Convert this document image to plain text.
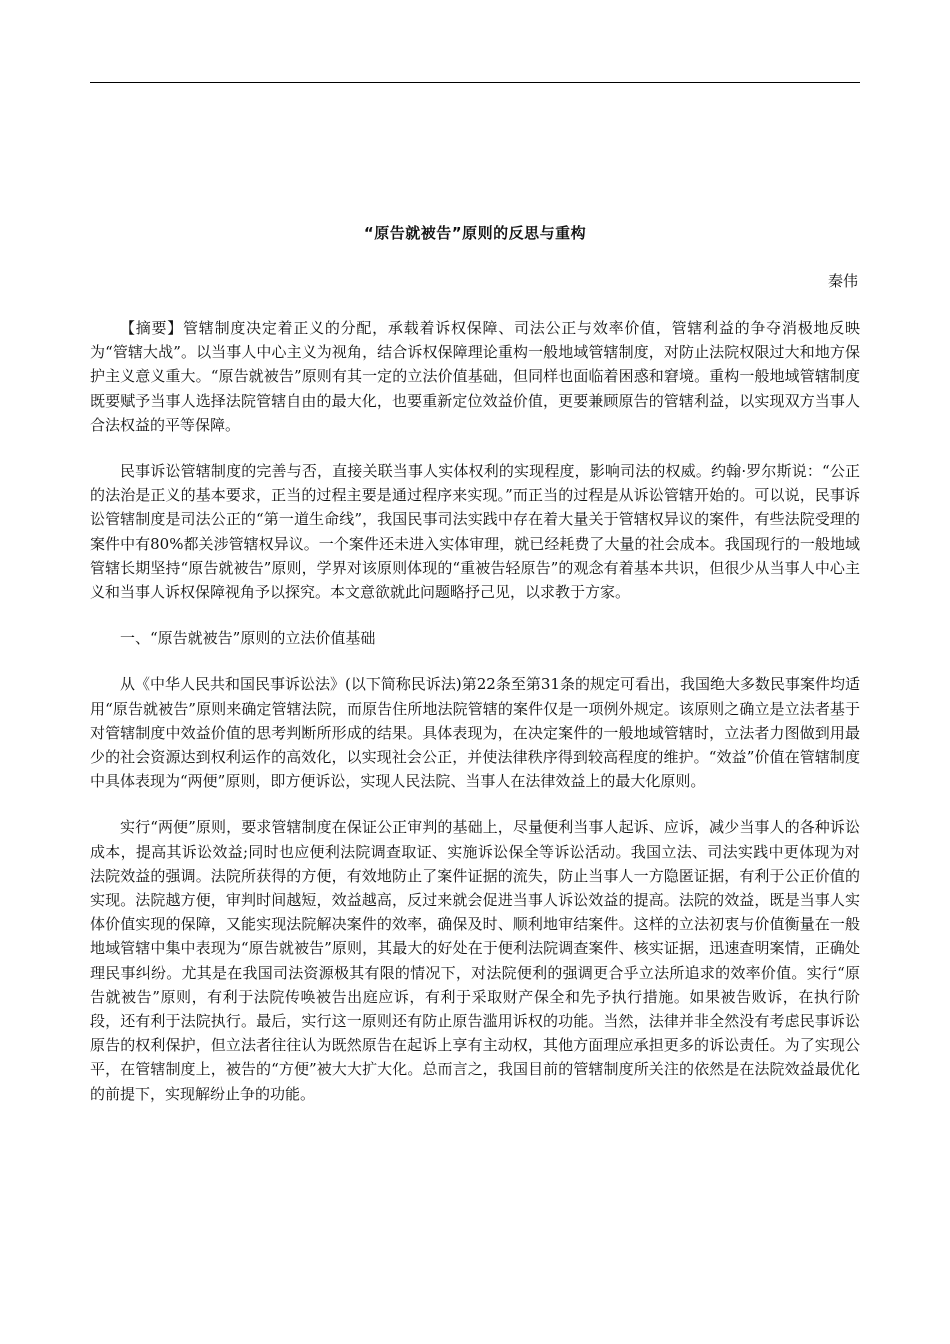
“原告就被告”原则的反思与重构
秦伟

【摘要】管辖制度决定着正义的分配，承载着诉权保障、司法公正与效率价值，管辖利益的争夺消极地反映为“管辖大战”。以当事人中心主义为视角，结合诉权保障理论重构一般地域管辖制度，对防止法院权限过大和地方保护主义意义重大。“原告就被告”原则有其一定的立法价值基础，但同样也面临着困惑和窘境。重构一般地域管辖制度既要赋予当事人选择法院管辖自由的最大化，也要重新定位效益价值，更要兼顾原告的管辖利益，以实现双方当事人合法权益的平等保障。

民事诉讼管辖制度的完善与否，直接关联当事人实体权利的实现程度，影响司法的权威。约翰·罗尔斯说：“公正的法治是正义的基本要求，正当的过程主要是通过程序来实现。”而正当的过程是从诉讼管辖开始的。可以说，民事诉讼管辖制度是司法公正的“第一道生命线”，我国民事司法实践中存在着大量关于管辖权异议的案件，有些法院受理的案件中有80%都关涉管辖权异议。一个案件还未进入实体审理，就已经耗费了大量的社会成本。我国现行的一般地域管辖长期坚持“原告就被告”原则，学界对该原则体现的“重被告轻原告”的观念有着基本共识，但很少从当事人中心主义和当事人诉权保障视角予以探究。本文意欲就此问题略抒己见，以求教于方家。

一、“原告就被告”原则的立法价值基础

从《中华人民共和国民事诉讼法》(以下简称民诉法)第22条至第31条的规定可看出，我国绝大多数民事案件均适用“原告就被告”原则来确定管辖法院，而原告住所地法院管辖的案件仅是一项例外规定。该原则之确立是立法者基于对管辖制度中效益价值的思考判断所形成的结果。具体表现为，在决定案件的一般地域管辖时，立法者力图做到用最少的社会资源达到权利运作的高效化，以实现社会公正，并使法律秩序得到较高程度的维护。“效益”价值在管辖制度中具体表现为“两便”原则，即方便诉讼，实现人民法院、当事人在法律效益上的最大化原则。

实行“两便”原则，要求管辖制度在保证公正审判的基础上，尽量便利当事人起诉、应诉，减少当事人的各种诉讼成本，提高其诉讼效益;同时也应便利法院调查取证、实施诉讼保全等诉讼活动。我国立法、司法实践中更体现为对法院效益的强调。法院所获得的方便，有效地防止了案件证据的流失，防止当事人一方隐匿证据，有利于公正价值的实现。法院越方便，审判时间越短，效益越高，反过来就会促进当事人诉讼效益的提高。法院的效益，既是当事人实体价值实现的保障，又能实现法院解决案件的效率，确保及时、顺利地审结案件。这样的立法初衷与价值衡量在一般地域管辖中集中表现为“原告就被告”原则，其最大的好处在于便利法院调查案件、核实证据，迅速查明案情，正确处理民事纠纷。尤其是在我国司法资源极其有限的情况下，对法院便利的强调更合乎立法所追求的效率价值。实行“原告就被告”原则，有利于法院传唤被告出庭应诉，有利于采取财产保全和先予执行措施。如果被告败诉，在执行阶段，还有利于法院执行。最后，实行这一原则还有防止原告滥用诉权的功能。当然，法律并非全然没有考虑民事诉讼原告的权利保护，但立法者往往认为既然原告在起诉上享有主动权，其他方面理应承担更多的诉讼责任。为了实现公平，在管辖制度上，被告的“方便”被大大扩大化。总而言之，我国目前的管辖制度所关注的依然是在法院效益最优化的前提下，实现解纷止争的功能。
